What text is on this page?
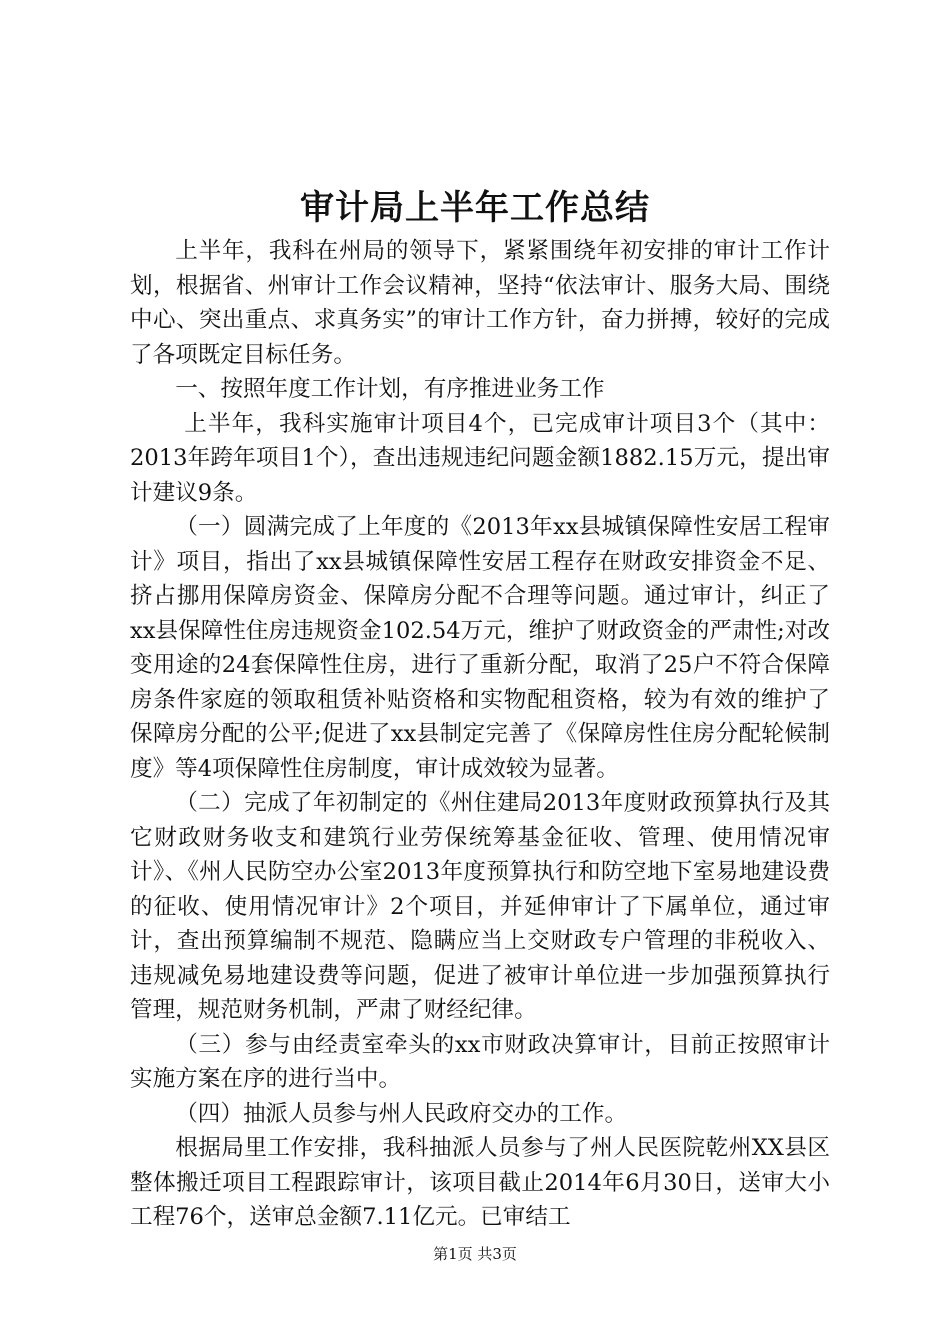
审计局上半年工作总结

上半年，我科在州局的领导下，紧紧围绕年初安排的审计工作计划，根据省、州审计工作会议精神，坚持“依法审计、服务大局、围绕中心、突出重点、求真务实”的审计工作方针，奋力拼搏，较好的完成了各项既定目标任务。

一、按照年度工作计划，有序推进业务工作

上半年，我科实施审计项目4个，已完成审计项目3个（其中：2013年跨年项目1个），查出违规违纪问题金额1882.15万元，提出审计建议9条。

（一）圆满完成了上年度的《2013年xx县城镇保障性安居工程审计》项目，指出了xx县城镇保障性安居工程存在财政安排资金不足、挤占挪用保障房资金、保障房分配不合理等问题。通过审计，纠正了xx县保障性住房违规资金102.54万元，维护了财政资金的严肃性;对改变用途的24套保障性住房，进行了重新分配，取消了25户不符合保障房条件家庭的领取租赁补贴资格和实物配租资格，较为有效的维护了保障房分配的公平;促进了xx县制定完善了《保障房性住房分配轮候制度》等4项保障性住房制度，审计成效较为显著。

（二）完成了年初制定的《州住建局2013年度财政预算执行及其它财政财务收支和建筑行业劳保统筹基金征收、管理、使用情况审计》、《州人民防空办公室2013年度预算执行和防空地下室易地建设费的征收、使用情况审计》2个项目，并延伸审计了下属单位，通过审计，查出预算编制不规范、隐瞒应当上交财政专户管理的非税收入、违规减免易地建设费等问题，促进了被审计单位进一步加强预算执行管理，规范财务机制，严肃了财经纪律。

（三）参与由经责室牵头的xx市财政决算审计，目前正按照审计实施方案在序的进行当中。

（四）抽派人员参与州人民政府交办的工作。

根据局里工作安排，我科抽派人员参与了州人民医院乾州XX县区整体搬迁项目工程跟踪审计，该项目截止2014年6月30日，送审大小工程76个，送审总金额7.11亿元。已审结工

第1页 共3页
